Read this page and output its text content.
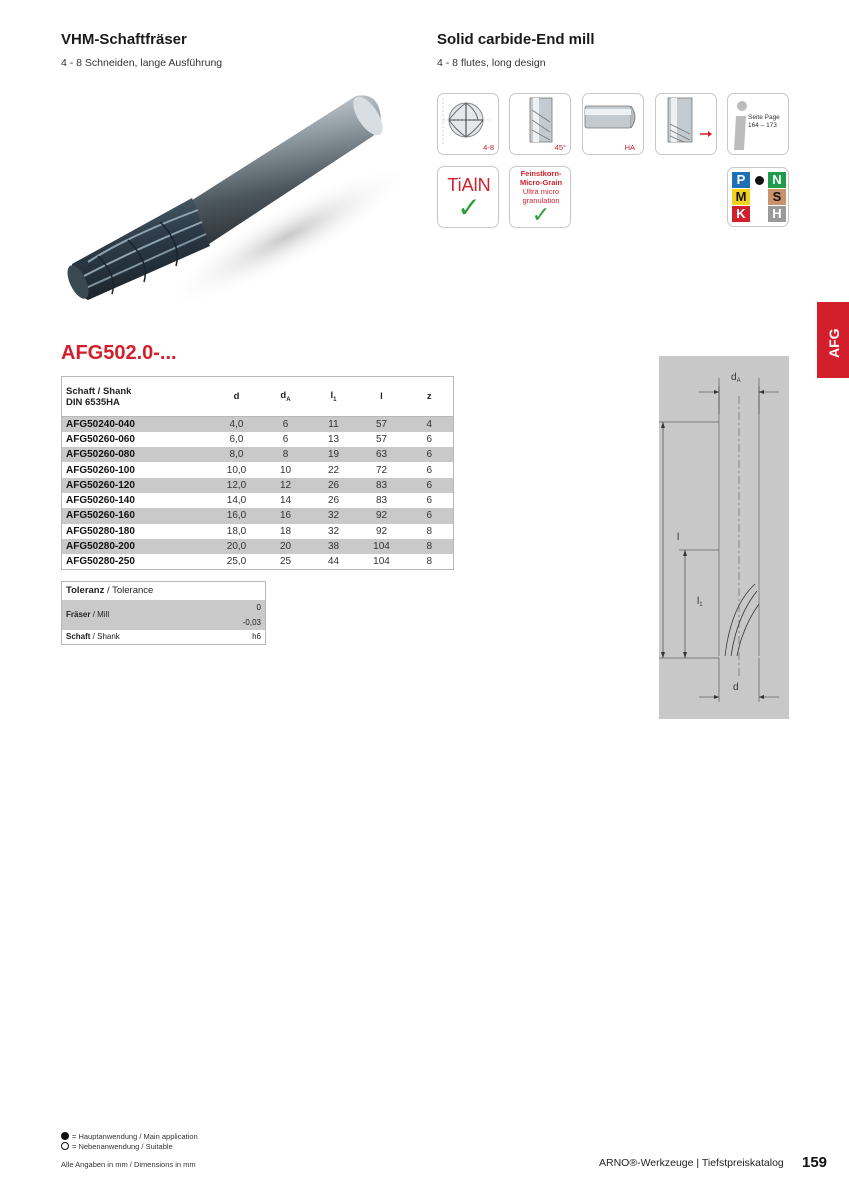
VHM-Schaftfräser
4 - 8 Schneiden, lange Ausführung
Solid carbide-End mill
4 - 8 flutes, long design
4-8	45°	HA
Seite Page
164 – 173
TiAlN
✓
Feinstkorn-Micro-Grain
Ultra micro granulation
✓
P	N
M	S
K	H
AFG
AFG502.0-...
Schaft / Shank
DIN 6535HA	d	$d_A$	$l_1$	l	z
AFG50240-040	4,0	6	11	57	4
AFG50260-060	6,0	6	13	57	6
AFG50260-080	8,0	8	19	63	6
AFG50260-100	10,0	10	22	72	6
AFG50260-120	12,0	12	26	83	6
AFG50260-140	14,0	14	26	83	6
AFG50260-160	16,0	16	32	92	6
AFG50280-180	18,0	18	32	92	8
AFG50280-200	20,0	20	38	104	8
AFG50280-250	25,0	25	44	104	8
Toleranz / Tolerance	
Fräser / Mill	0
-0,03

Schaft / Shank	h6
$d_A$
l
$l_1$
d
= Hauptanwendung / Main application
= Nebenanwendung / Suitable
Alle Angaben in mm / Dimensions in mm	ARNO®-Werkzeuge | Tiefstpreiskatalog 159
